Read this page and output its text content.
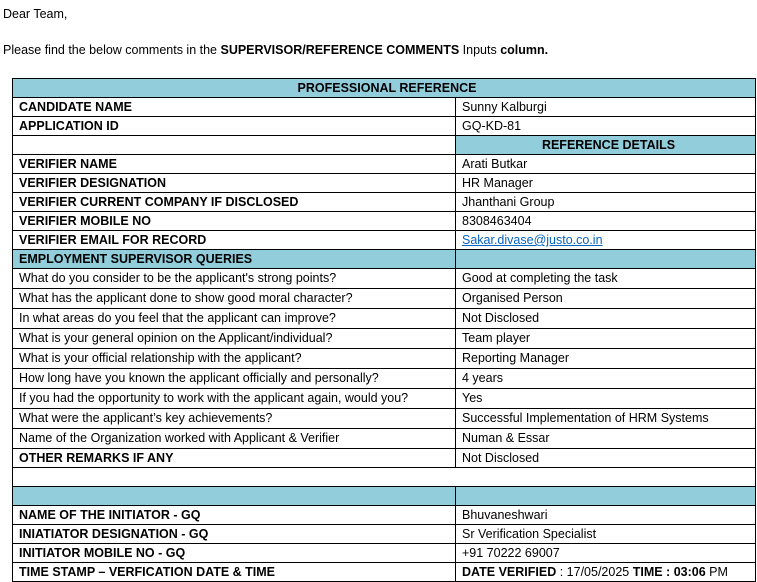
Dear Team,
Please find the below comments in the SUPERVISOR/REFERENCE COMMENTS Inputs column.
PROFESSIONAL REFERENCE	
CANDIDATE NAME	Sunny Kalburgi
APPLICATION ID	GQ-KD-81
	REFERENCE DETAILS
VERIFIER NAME	Arati Butkar
VERIFIER DESIGNATION	HR Manager
VERIFIER CURRENT COMPANY IF DISCLOSED	Jhanthani Group
VERIFIER MOBILE NO	8308463404
VERIFIER EMAIL FOR RECORD	Sakar.divase@justo.co.in
EMPLOYMENT SUPERVISOR QUERIES	
What do you consider to be the applicant's strong points?	Good at completing the task
What has the applicant done to show good moral character?	Organised Person
In what areas do you feel that the applicant can improve?	Not Disclosed
What is your general opinion on the Applicant/individual?	Team player
What is your official relationship with the applicant?	Reporting Manager
How long have you known the applicant officially and personally?	4 years
If you had the opportunity to work with the applicant again, would you?	Yes
What were the applicant’s key achievements?	Successful Implementation of HRM Systems
Name of the Organization worked with Applicant & Verifier	Numan & Essar
OTHER REMARKS IF ANY	Not Disclosed

NAME OF THE INITIATOR - GQ	Bhuvaneshwari
INIATIATOR DESIGNATION - GQ	Sr Verification Specialist
INITIATOR MOBILE NO - GQ	+91 70222 69007
TIME STAMP – VERFICATION DATE & TIME	DATE VERIFIED : 17/05/2025 TIME : 03:06 PM
